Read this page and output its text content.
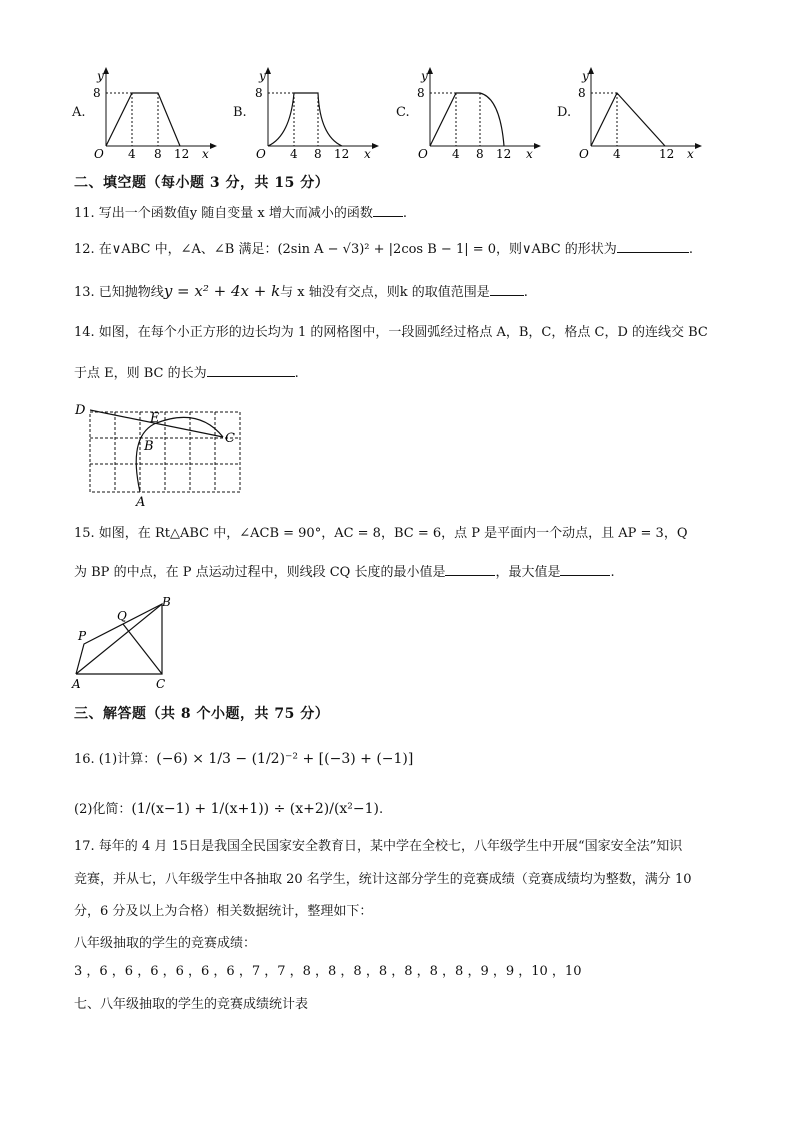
A.
y
8
O 4 8 12 x
B.
y
8
O 4 8 12 x
C.
y
8
O 4 8 12 x
D.
y
8
O 4	12 x
二、填空题（每小题 3 分，共 15 分）
11. 写出一个函数值y 随自变量 x 增大而减小的函数 .
12. 在∨ABC 中，∠A、∠B 满足：(2sin A − √3)² + |2cos B − 1| = 0，则∨ABC 的形状为	.
13. 已知抛物线y = x² + 4x + k与 x 轴没有交点，则k 的取值范围是	.
14. 如图，在每个小正方形的边长均为 1 的网格图中，一段圆弧经过格点 A，B，C，格点 C，D 的连线交 BC
于点 E，则 BC 的长为	.
D
E
B
C
A
15. 如图，在 Rt△ABC 中，∠ACB = 90°，AC = 8，BC = 6，点 P 是平面内一个动点，且 AP = 3，Q
为 BP 的中点，在 P 点运动过程中，则线段 CQ 长度的最小值是	，最大值是	.
B
Q
P
A	C
三、解答题（共 8 个小题，共 75 分）
16. (1)计算：(−6) × 1/3 − (1/2)⁻² + [(−3) + (−1)]
(2)化简：(1/(x−1) + 1/(x+1)) ÷ (x+2)/(x²−1).
17. 每年的 4 月 15日是我国全民国家安全教育日，某中学在全校七，八年级学生中开展“国家安全法”知识
竞赛，并从七，八年级学生中各抽取 20 名学生，统计这部分学生的竞赛成绩（竞赛成绩均为整数，满分 10
分，6 分及以上为合格）相关数据统计，整理如下：
八年级抽取的学生的竞赛成绩：
3 ，6 ，6 ，6 ，6 ，6 ，6 ，7 ，7 ，8 ，8 ，8 ，8 ，8 ，8 ，8 ，9 ，9 ，10 ，10
七、八年级抽取的学生的竞赛成绩统计表
